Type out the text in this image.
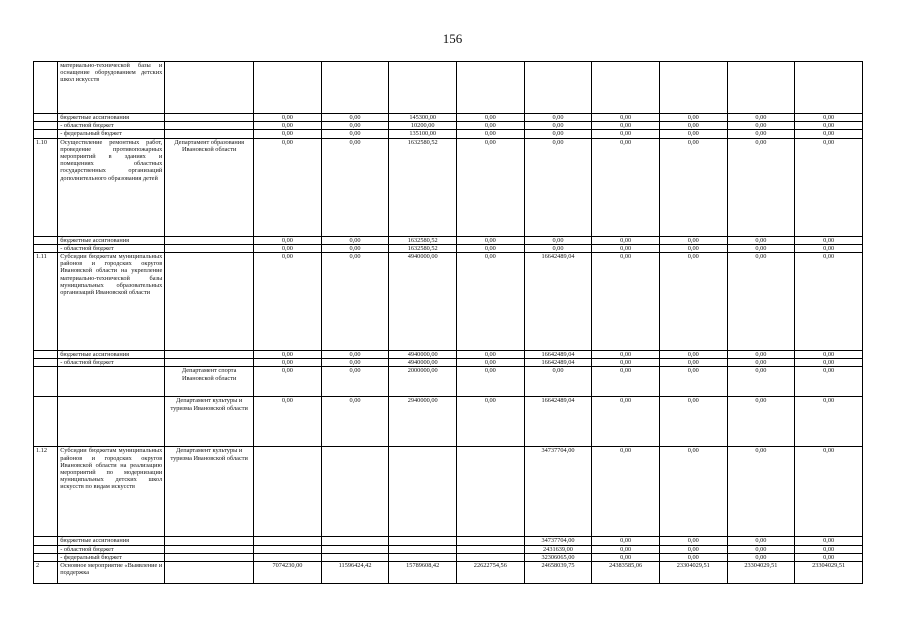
156
	материально-технической базы и оснащение оборудованием детских школ искусств										
	бюджетные ассигнования		0,00	0,00	145300,00	0,00	0,00	0,00	0,00	0,00	0,00
	- областной бюджет		0,00	0,00	10200,00	0,00	0,00	0,00	0,00	0,00	0,00
	- федеральный бюджет		0,00	0,00	135100,00	0,00	0,00	0,00	0,00	0,00	0,00
1.10	Осуществление ремонтных работ, проведение противопожарных мероприятий в зданиях и помещениях областных государственных организаций дополнительного образования детей	Департамент образования Ивановской области	0,00	0,00	1632580,52	0,00	0,00	0,00	0,00	0,00	0,00
	бюджетные ассигнования		0,00	0,00	1632580,52	0,00	0,00	0,00	0,00	0,00	0,00
	- областной бюджет		0,00	0,00	1632580,52	0,00	0,00	0,00	0,00	0,00	0,00
1.11	Субсидии бюджетам муниципальных районов и городских округов Ивановской области на укрепление материально-технической базы муниципальных образовательных организаций Ивановской области		0,00	0,00	4940000,00	0,00	16642489,04	0,00	0,00	0,00	0,00
	бюджетные ассигнования		0,00	0,00	4940000,00	0,00	16642489,04	0,00	0,00	0,00	0,00
	- областной бюджет		0,00	0,00	4940000,00	0,00	16642489,04	0,00	0,00	0,00	0,00
		Департамент спорта Ивановской области	0,00	0,00	2000000,00	0,00	0,00	0,00	0,00	0,00	0,00
		Департамент культуры и туризма Ивановской области	0,00	0,00	2940000,00	0,00	16642489,04	0,00	0,00	0,00	0,00
1.12	Субсидии бюджетам муниципальных районов и городских округов Ивановской области на реализацию мероприятий по модернизации муниципальных детских школ искусств по видам искусств	Департамент культуры и туризма Ивановской области					34737704,00	0,00	0,00	0,00	0,00
	бюджетные ассигнования						34737704,00	0,00	0,00	0,00	0,00
	- областной бюджет						2431639,00	0,00	0,00	0,00	0,00
	- федеральный бюджет						32306065,00	0,00	0,00	0,00	0,00
2	Основное мероприятие «Выявление и поддержка		7074230,00	11596424,42	15789608,42	22622754,56	24658039,75	24383585,06	23304029,51	23304029,51	23304029,51
